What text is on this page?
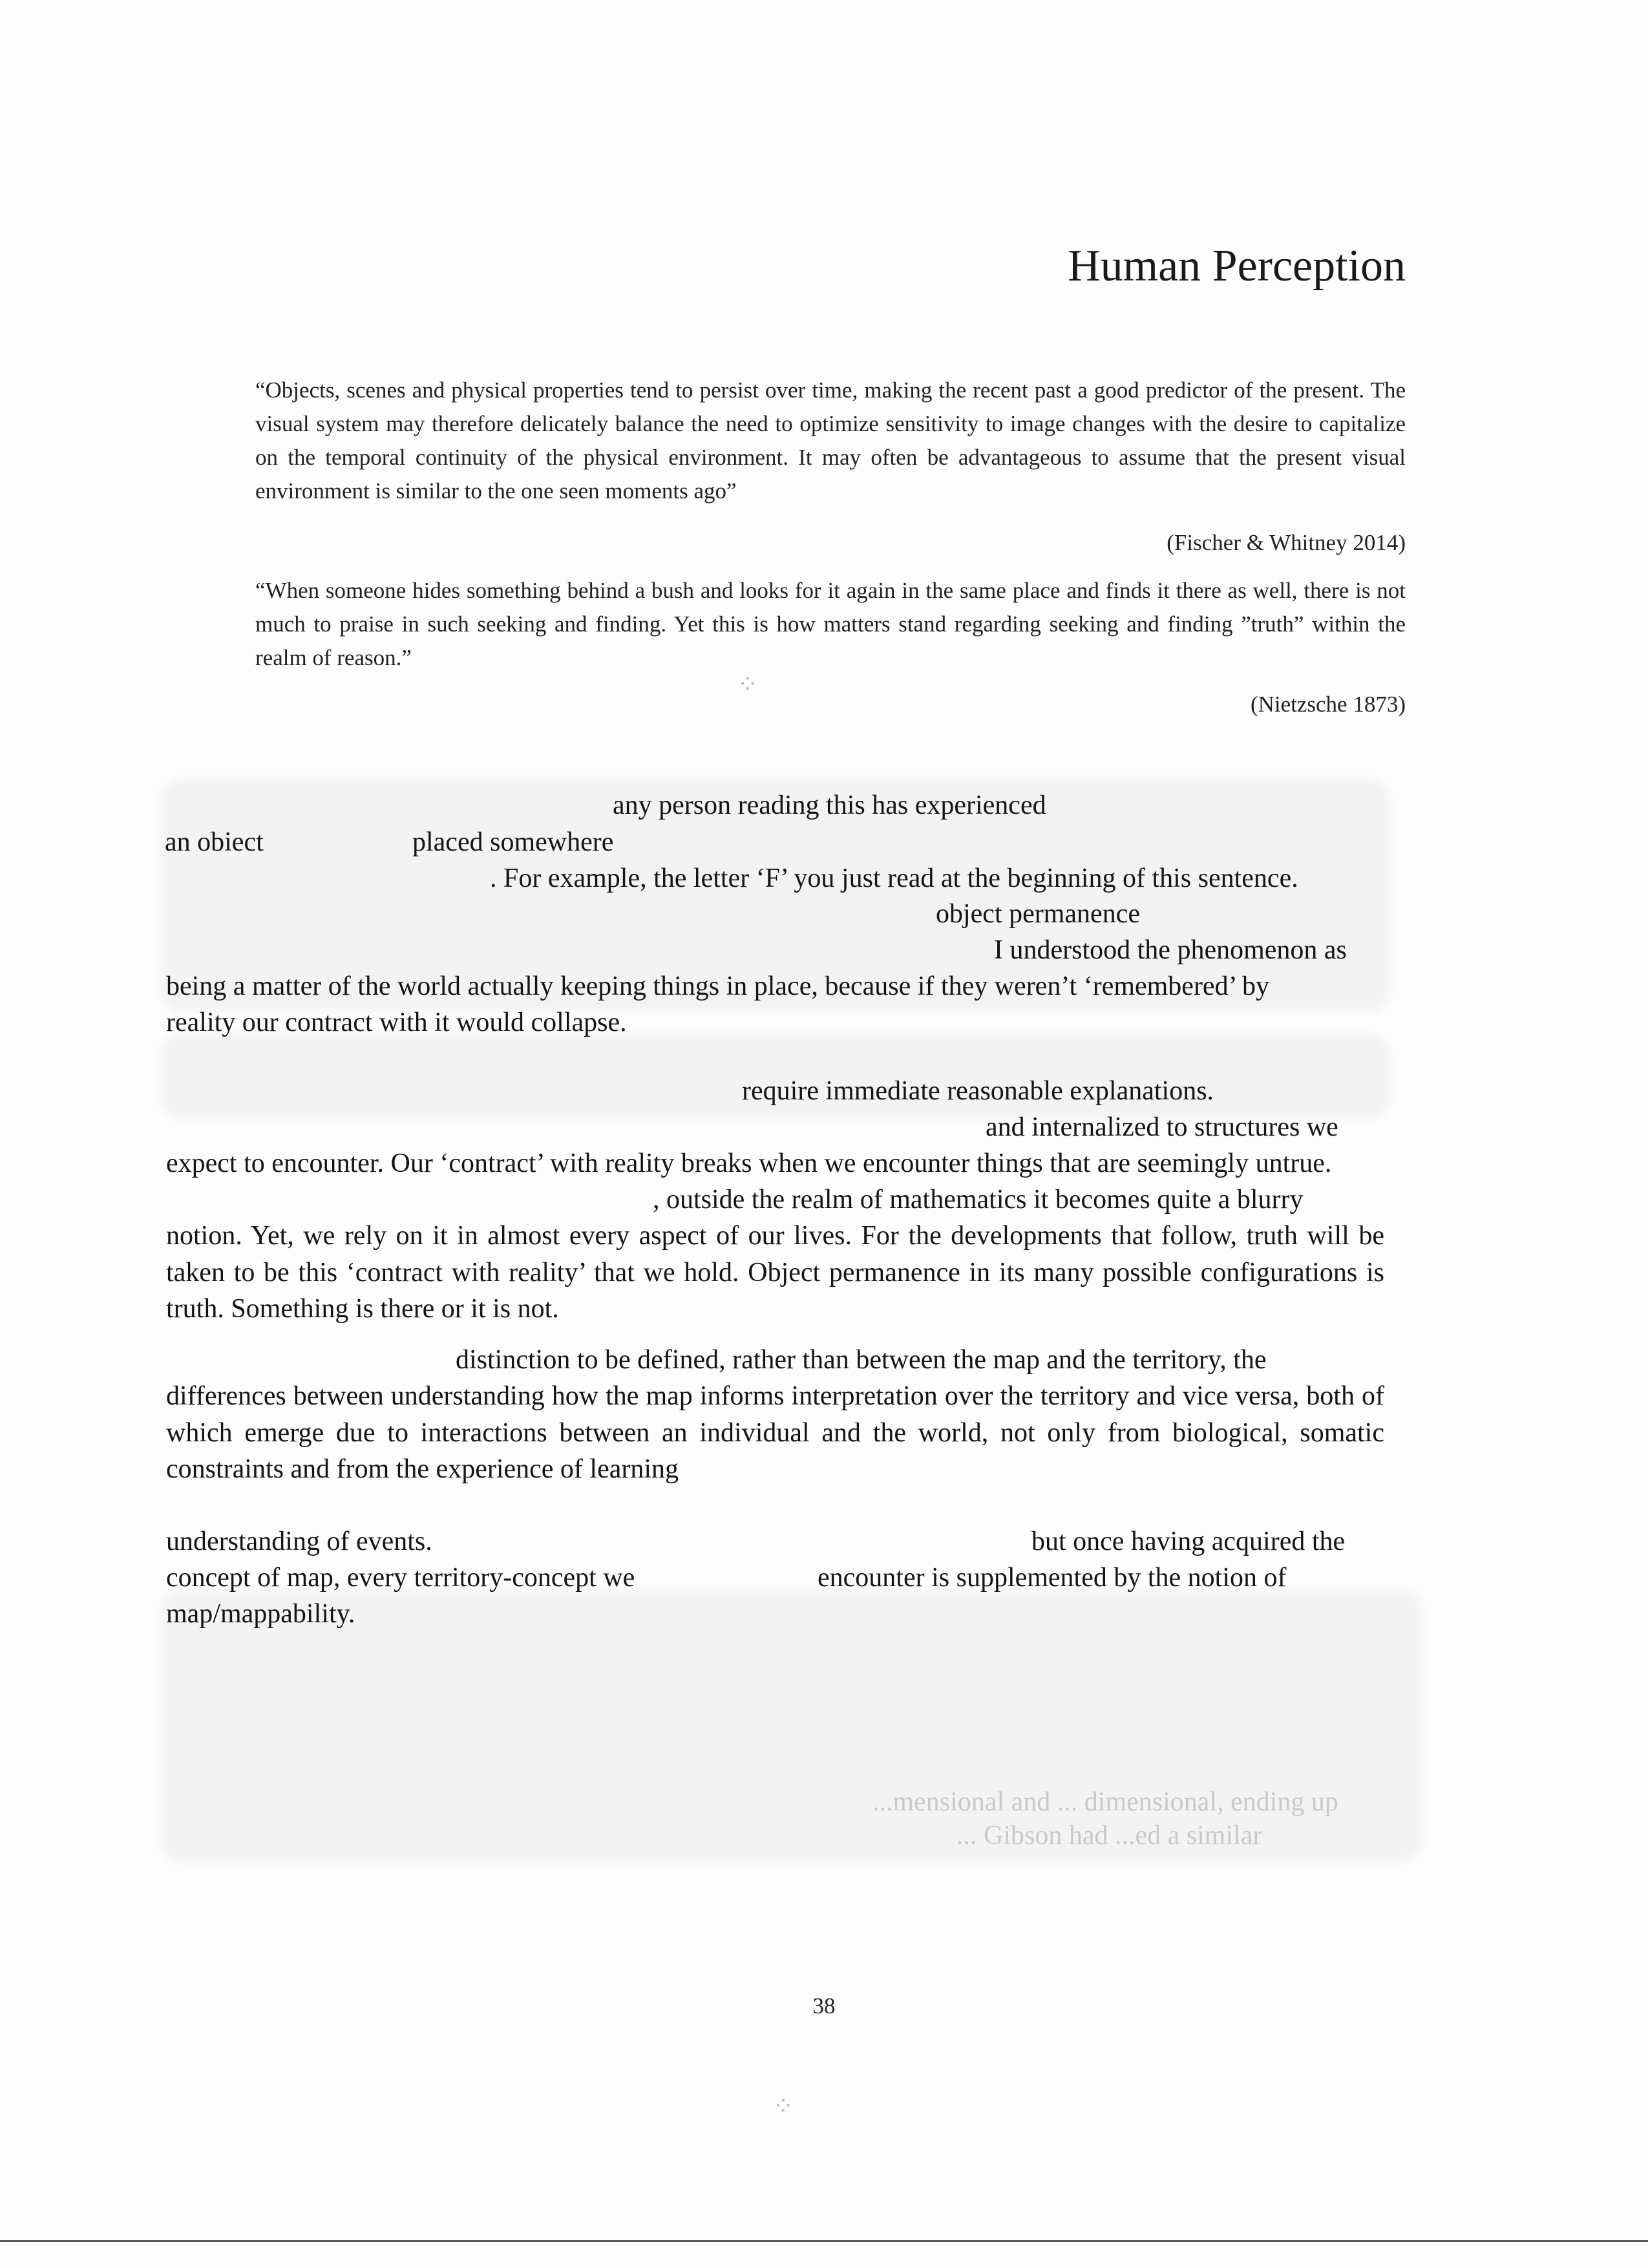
Human Perception

“Objects, scenes and physical properties tend to persist over time, making the recent past a good predictor of the present. The visual system may therefore delicately balance the need to optimize sensitivity to image changes with the desire to capitalize on the temporal continuity of the physical environment. It may often be advantageous to assume that the present visual environment is similar to the one seen moments ago”

(Fischer & Whitney 2014)

“When someone hides something behind a bush and looks for it again in the same place and finds it there as well, there is not much to praise in such seeking and finding. Yet this is how matters stand regarding seeking and finding ”truth” within the realm of reason.”

(Nietzsche 1873)

any person reading this has experienced

an obiect	placed somewhere

. For example, the letter ‘F’ you just read at the beginning of this sentence.

object permanence

I understood the phenomenon as

being a matter of the world actually keeping things in place, because if they weren’t ‘remembered’ by

reality our contract with it would collapse.

require immediate reasonable explanations.

and internalized to structures we

expect to encounter. Our ‘contract’ with reality breaks when we encounter things that are seemingly untrue.

, outside the realm of mathematics it becomes quite a blurry

notion. Yet, we rely on it in almost every aspect of our lives. For the developments that follow, truth will be taken to be this ‘contract with reality’ that we hold. Object permanence in its many possible configurations is truth. Something is there or it is not.

distinction to be defined, rather than between the map and the territory, the

differences between understanding how the map informs interpretation over the territory and vice versa, both of which emerge due to interactions between an individual and the world, not only from biological, somatic constraints and from the experience of learning

understanding of events.	but once having acquired the

concept of map, every territory-concept we	encounter is supplemented by the notion of

map/mappability.

...mensional and ... dimensional, ending up

... Gibson had ...ed a similar

⁘
⁘

38
